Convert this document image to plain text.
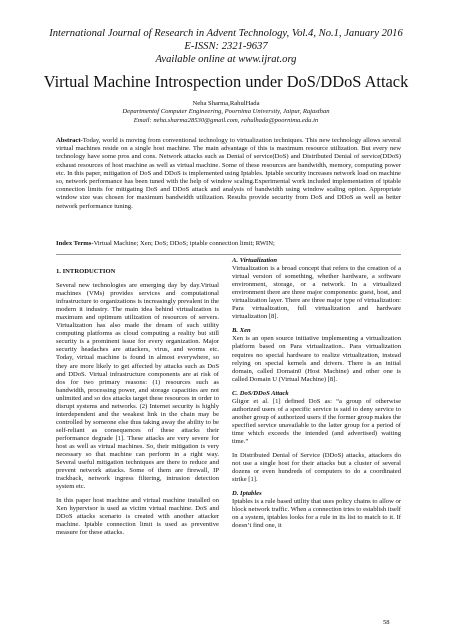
International Journal of Research in Advent Technology, Vol.4, No.1, January 2016
E-ISSN: 2321-9637
Available online at www.ijrat.org
Virtual Machine Introspection under DoS/DDoS Attack
Neha Sharma,RahulHada
Departmentof Computer Engineering, Poornima University, Jaipur, Rajasthan
Email: neha.sharma28530@gmail.com, rahulhada@poornima.edu.in
Abstract-Today, world is moving from conventional technology to virtualization techniques. This new technology allows several virtual machines reside on a single host machine. The main advantage of this is maximum resource utilization. But every new technology have some pros and cons. Network attacks such as Denial of service(DoS) and Distributed Denial of service(DDoS) exhaust resources of host machine as well as virtual machine. Some of these resources are bandwidth, memory, computing power etc. In this paper, mitigation of DoS and DDoS is implemented using Iptables. Iptable security increases network load on machine so, network performance has been tuned with the help of window scaling.Experimental work included implementation of iptable connection limits for mitigating DoS and DDoS attack and analysis of bandwidth using window scaling option. Appropriate window size was chosen for maximum bandwidth utilization. Results provide security from DoS and DDoS as well as better network performance tuning.
Index Terms-Virtual Machine; Xen; DoS; DDoS; iptable connection limit; RWIN;
1. INTRODUCTION

Several new technologies are emerging day by day.Virtual machines (VMs) provides services and computational infrastructure to organizations is increasingly prevalent in the modern it industry. The main idea behind virtualization is maximum and optimum utilization of resources of servers. Virtualization has also made the dream of such utility computing platforms as cloud computing a reality but still security is a prominent issue for every organization. Major security headaches are attackers, virus, and worms etc. Today, virtual machine is found in almost everywhere, so they are more likely to get affected by attacks such as DoS and DDoS. Virtual infrastructure components are at risk of dos for two primary reasons: (1) resources such as bandwidth, processing power, and storage capacities are not unlimited and so dos attacks target these resources in order to disrupt systems and networks. (2) Internet security is highly interdependent and the weakest link in the chain may be controlled by someone else thus taking away the ability to be self-reliant as consequences of these attacks their performance degrade [1]. These attacks are very severe for host as well as virtual machines. So, their mitigation is very necessary so that machine can perform in a right way. Several useful mitigation techniques are there to reduce and prevent network attacks. Some of them are firewall, IP trackback, network ingress filtering, intrusion detection system etc.

In this paper host machine and virtual machine installed on Xen hypervisor is used as victim virtual machine. DoS and DDoS attacks scenario is created with another attacker machine. Iptable connection limit is used as preventive measure for these attacks.

A. Virtualization

Virtualization is a broad concept that refers to the creation of a virtual version of something, whether hardware, a software environment, storage, or a network. In a virtualized environment there are three major components: guest, host, and virtualization layer. There are three major type of virtualization: Para virtualization, full virtualization and hardware virtualization [8].

B. Xen

Xen is an open source initiative implementing a virtualization platform based on Para virtualization.. Para virtualization requires no special hardware to realize virtualization, instead relying on special kernels and drivers. There is an initial domain, called Domain0 (Host Machine) and other one is called Domain U (Virtual Machine) [8].

C. DoS/DDoS Attack

Gligor et al. [1] defined DoS as: “a group of otherwise authorized users of a specific service is said to deny service to another group of authorized users if the former group makes the specified service unavailable to the latter group for a period of time which exceeds the intended (and advertised) waiting time.”

In Distributed Denial of Service (DDoS) attacks, attackers do not use a single host for their attacks but a cluster of several dozens or even hundreds of computers to do a coordinated strike [1].

D. Iptables

Iptables is a rule based utility that uses policy chains to allow or block network traffic. When a connection tries to establish itself on a system, iptables looks for a rule in its list to match to it. If doesn’t find one, it

58
